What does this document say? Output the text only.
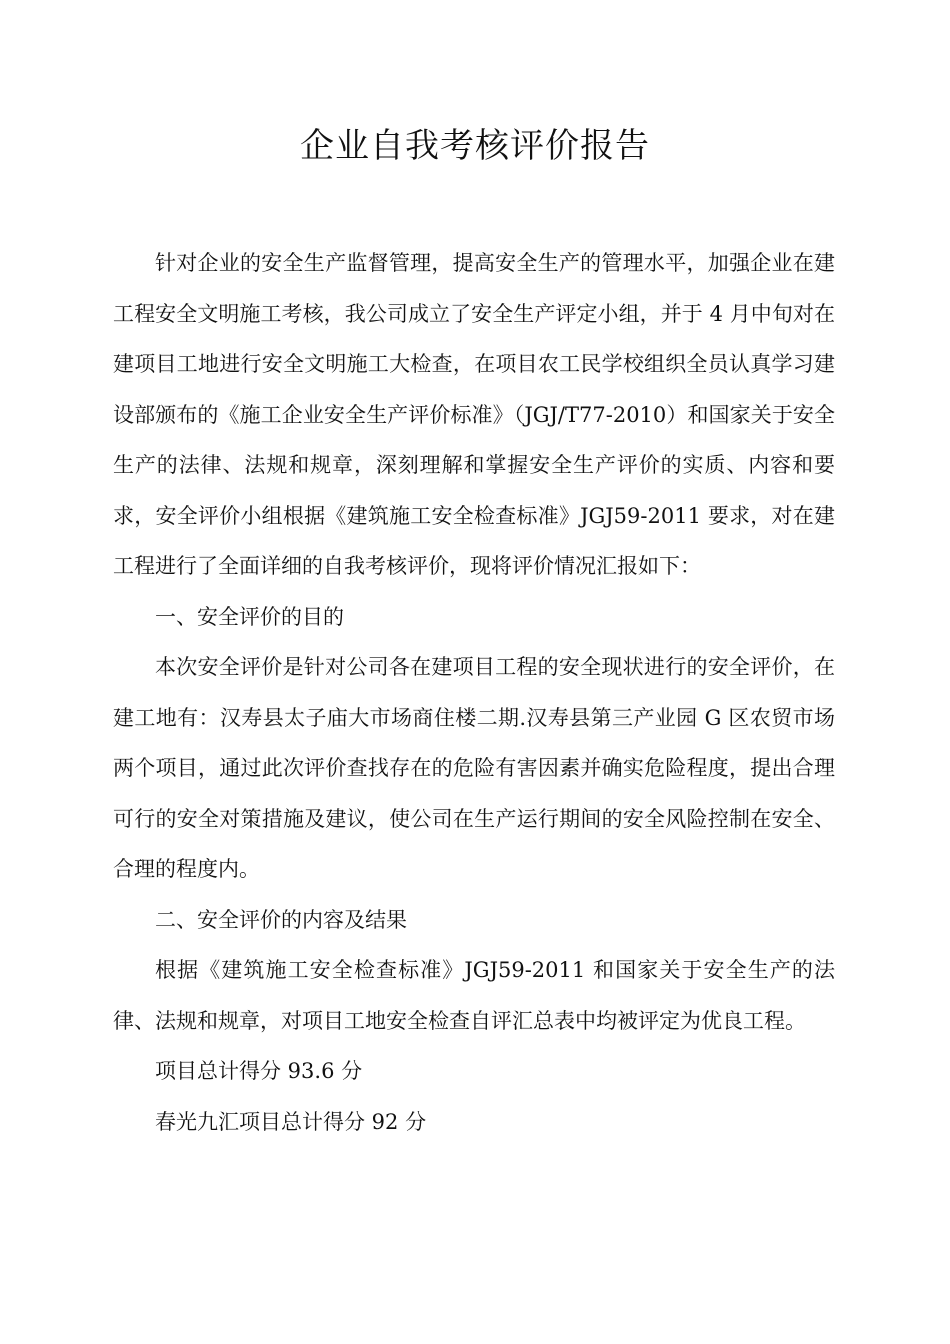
企业自我考核评价报告

针对企业的安全生产监督管理，提高安全生产的管理水平，加强企业在建工程安全文明施工考核，我公司成立了安全生产评定小组，并于 4 月中旬对在建项目工地进行安全文明施工大检查，在项目农工民学校组织全员认真学习建设部颁布的《施工企业安全生产评价标准》（JGJ/T77-2010）和国家关于安全生产的法律、法规和规章，深刻理解和掌握安全生产评价的实质、内容和要求，安全评价小组根据《建筑施工安全检查标准》JGJ59-2011 要求，对在建工程进行了全面详细的自我考核评价，现将评价情况汇报如下：

一、安全评价的目的

本次安全评价是针对公司各在建项目工程的安全现状进行的安全评价，在建工地有：汉寿县太子庙大市场商住楼二期.汉寿县第三产业园 G 区农贸市场两个项目，通过此次评价查找存在的危险有害因素并确实危险程度，提出合理可行的安全对策措施及建议，使公司在生产运行期间的安全风险控制在安全、合理的程度内。

二、安全评价的内容及结果

根据《建筑施工安全检查标准》JGJ59-2011 和国家关于安全生产的法律、法规和规章，对项目工地安全检查自评汇总表中均被评定为优良工程。

项目总计得分 93.6 分

春光九汇项目总计得分 92 分
